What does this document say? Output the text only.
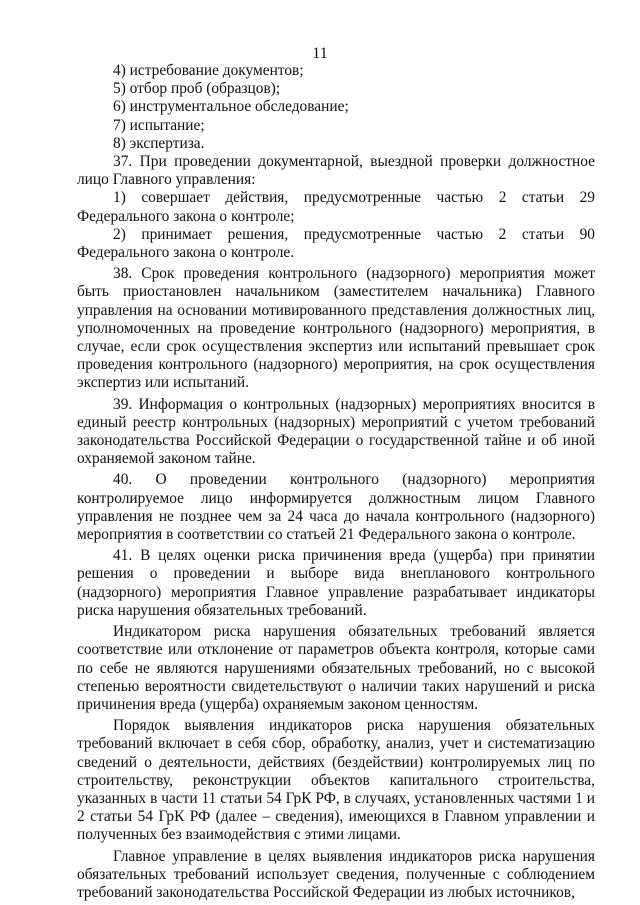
11

4) истребование документов;

5) отбор проб (образцов);

6) инструментальное обследование;

7) испытание;

8) экспертиза.

37. При проведении документарной, выездной проверки должностное лицо Главного управления:

1) совершает действия, предусмотренные частью 2 статьи 29 Федерального закона о контроле;

2) принимает решения, предусмотренные частью 2 статьи 90 Федерального закона о контроле.

38. Срок проведения контрольного (надзорного) мероприятия может быть приостановлен начальником (заместителем начальника) Главного управления на основании мотивированного представления должностных лиц, уполномоченных на проведение контрольного (надзорного) мероприятия, в случае, если срок осуществления экспертиз или испытаний превышает срок проведения контрольного (надзорного) мероприятия, на срок осуществления экспертиз или испытаний.

39. Информация о контрольных (надзорных) мероприятиях вносится в единый реестр контрольных (надзорных) мероприятий с учетом требований законодательства Российской Федерации о государственной тайне и об иной охраняемой законом тайне.

40. О проведении контрольного (надзорного) мероприятия контролируемое лицо информируется должностным лицом Главного управления не позднее чем за 24 часа до начала контрольного (надзорного) мероприятия в соответствии со статьей 21 Федерального закона о контроле.

41. В целях оценки риска причинения вреда (ущерба) при принятии решения о проведении и выборе вида внепланового контрольного (надзорного) мероприятия Главное управление разрабатывает индикаторы риска нарушения обязательных требований.

Индикатором риска нарушения обязательных требований является соответствие или отклонение от параметров объекта контроля, которые сами по себе не являются нарушениями обязательных требований, но с высокой степенью вероятности свидетельствуют о наличии таких нарушений и риска причинения вреда (ущерба) охраняемым законом ценностям.

Порядок выявления индикаторов риска нарушения обязательных требований включает в себя сбор, обработку, анализ, учет и систематизацию сведений о деятельности, действиях (бездействии) контролируемых лиц по строительству, реконструкции объектов капитального строительства, указанных в части 11 статьи 54 ГрК РФ, в случаях, установленных частями 1 и 2 статьи 54 ГрК РФ (далее – сведения), имеющихся в Главном управлении и полученных без взаимодействия с этими лицами.

Главное управление в целях выявления индикаторов риска нарушения обязательных требований использует сведения, полученные с соблюдением требований законодательства Российской Федерации из любых источников,
